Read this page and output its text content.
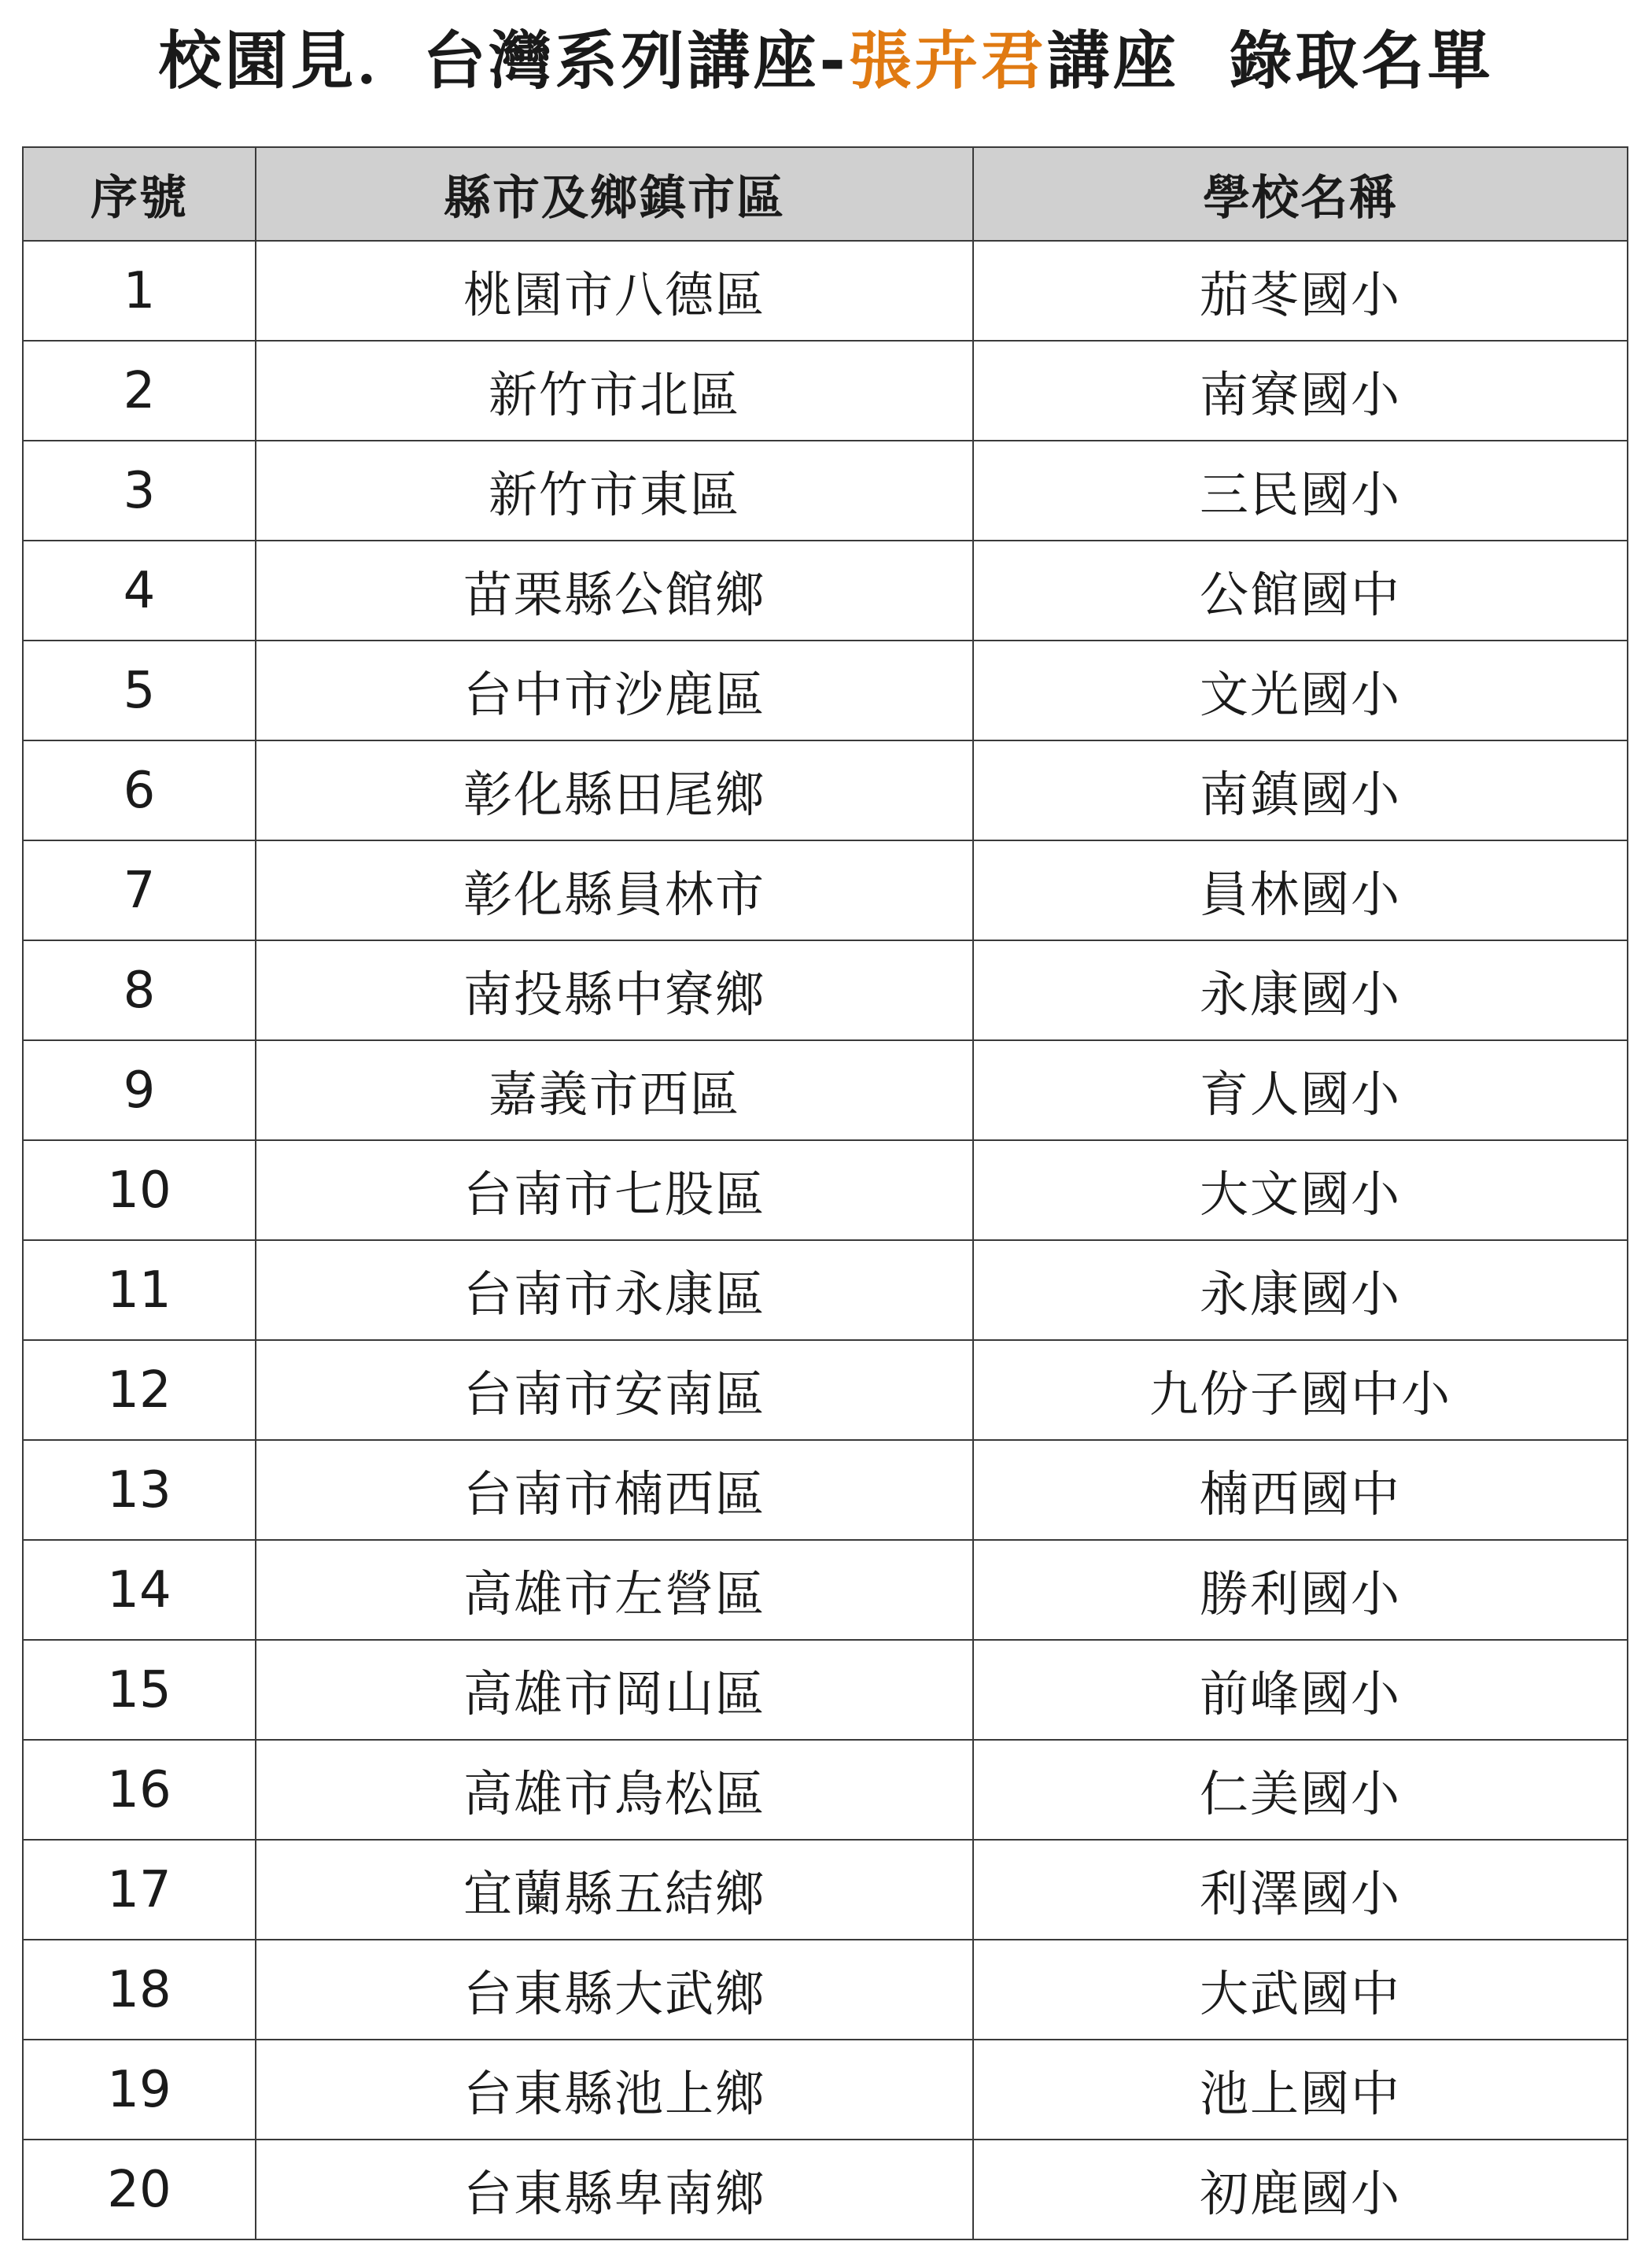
校園見．台灣系列講座-張卉君講座  錄取名單
序號	縣市及鄉鎮市區	學校名稱
1	桃園市八德區	茄苳國小
2	新竹市北區	南寮國小
3	新竹市東區	三民國小
4	苗栗縣公館鄉	公館國中
5	台中市沙鹿區	文光國小
6	彰化縣田尾鄉	南鎮國小
7	彰化縣員林市	員林國小
8	南投縣中寮鄉	永康國小
9	嘉義市西區	育人國小
10	台南市七股區	大文國小
11	台南市永康區	永康國小
12	台南市安南區	九份子國中小
13	台南市楠西區	楠西國中
14	高雄市左營區	勝利國小
15	高雄市岡山區	前峰國小
16	高雄市鳥松區	仁美國小
17	宜蘭縣五結鄉	利澤國小
18	台東縣大武鄉	大武國中
19	台東縣池上鄉	池上國中
20	台東縣卑南鄉	初鹿國小
